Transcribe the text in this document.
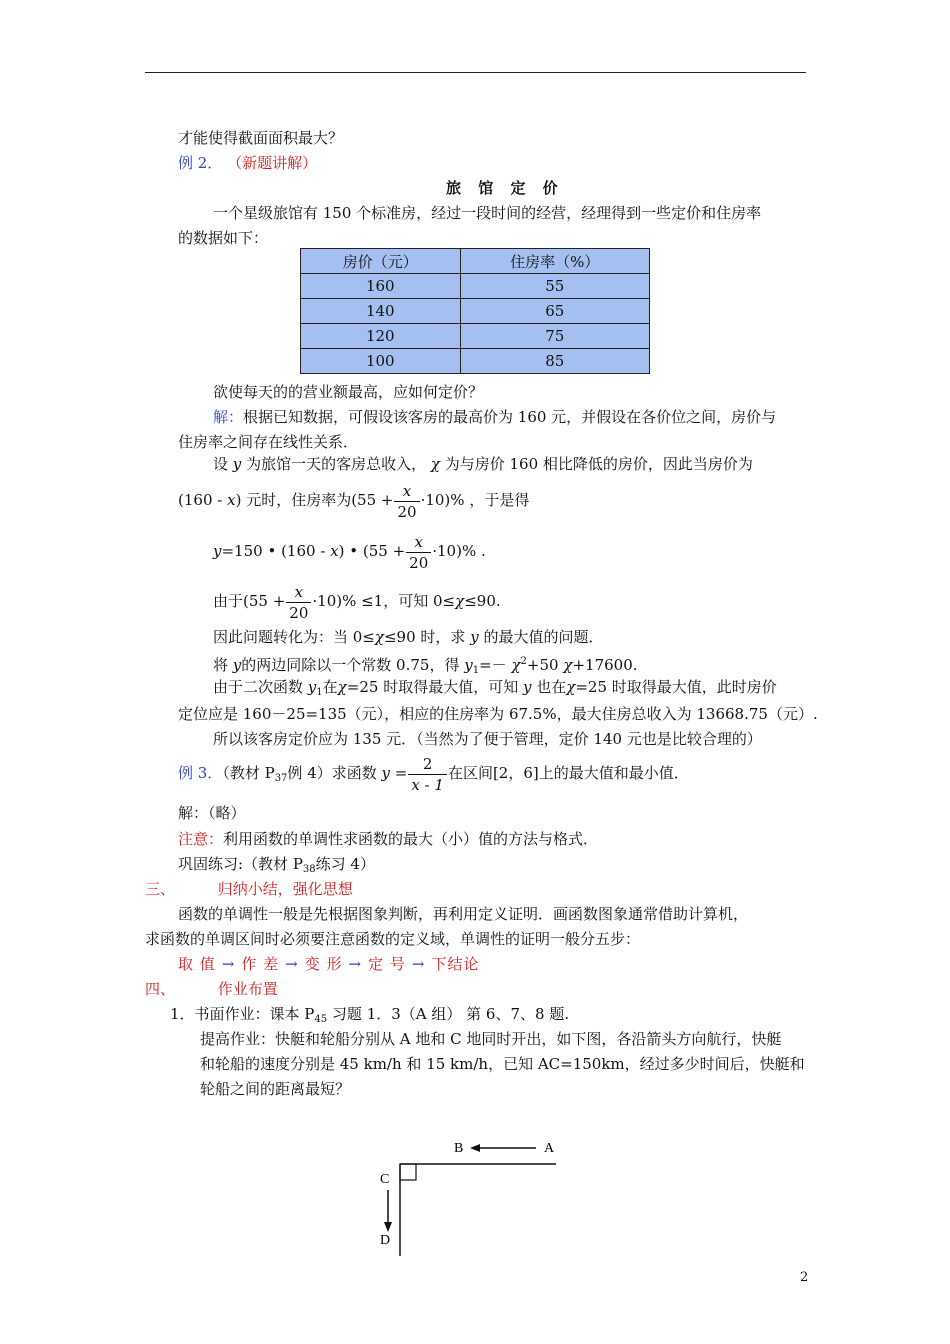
才能使得截面面积最大？
例 2． （新题讲解）
旅 馆 定 价
一个星级旅馆有 150 个标准房，经过一段时间的经营，经理得到一些定价和住房率
的数据如下：
房价（元）	住房率（%）
160	55
140	65
120	75
100	85
欲使每天的的营业额最高，应如何定价？
解：根据已知数据，可假设该客房的最高价为 160 元，并假设在各价位之间，房价与
住房率之间存在线性关系．
设 y 为旅馆一天的客房总收入， χ 为与房价 160 相比降低的房价，因此当房价为
(160 - x) 元时，住房率为$(55 + \frac{x}{20} \cdot 10)\%$ ，于是得
y=150 • (160 - x) • $(55 + \frac{x}{20} \cdot 10)\%$ .
由于$(55 + \frac{x}{20} \cdot 10)\% \le 1$，可知 0≤χ≤90.
因此问题转化为：当 0≤χ≤90 时，求 y 的最大值的问题．
将 y的两边同除以一个常数 0.75，得 $y_1=- \chi^2+50$ χ+17600.
由于二次函数 $y_1$在χ=25 时取得最大值，可知 y 也在χ=25 时取得最大值，此时房价
定位应是 160－25=135（元），相应的住房率为 67.5%，最大住房总收入为 13668.75（元）.
所以该客房定价应为 135 元．（当然为了便于管理，定价 140 元也是比较合理的）
例 3．（教材 $P_{37}$例 4）求函数 $y = \frac{2}{x - 1}$ 在区间[2，6]上的最大值和最小值．
解：（略）
注意：利用函数的单调性求函数的最大（小）值的方法与格式．
巩固练习:（教材 $P_{38}$练习 4）
三、	归纳小结，强化思想
函数的单调性一般是先根据图象判断，再利用定义证明．画函数图象通常借助计算机，
求函数的单调区间时必须要注意函数的定义域，单调性的证明一般分五步：
取 值 → 作 差 → 变 形 → 定 号 → 下结论
四、	作业布置
1．书面作业：课本 $P_{45}$ 习题 1．3（A 组） 第 6、7、8 题.
提高作业：快艇和轮船分别从 A 地和 C 地同时开出，如下图，各沿箭头方向航行，快艇
和轮船的速度分别是 45 km/h 和 15 km/h，已知 AC=150km，经过多少时间后，快艇和
轮船之间的距离最短？
B	A
C
D
2
